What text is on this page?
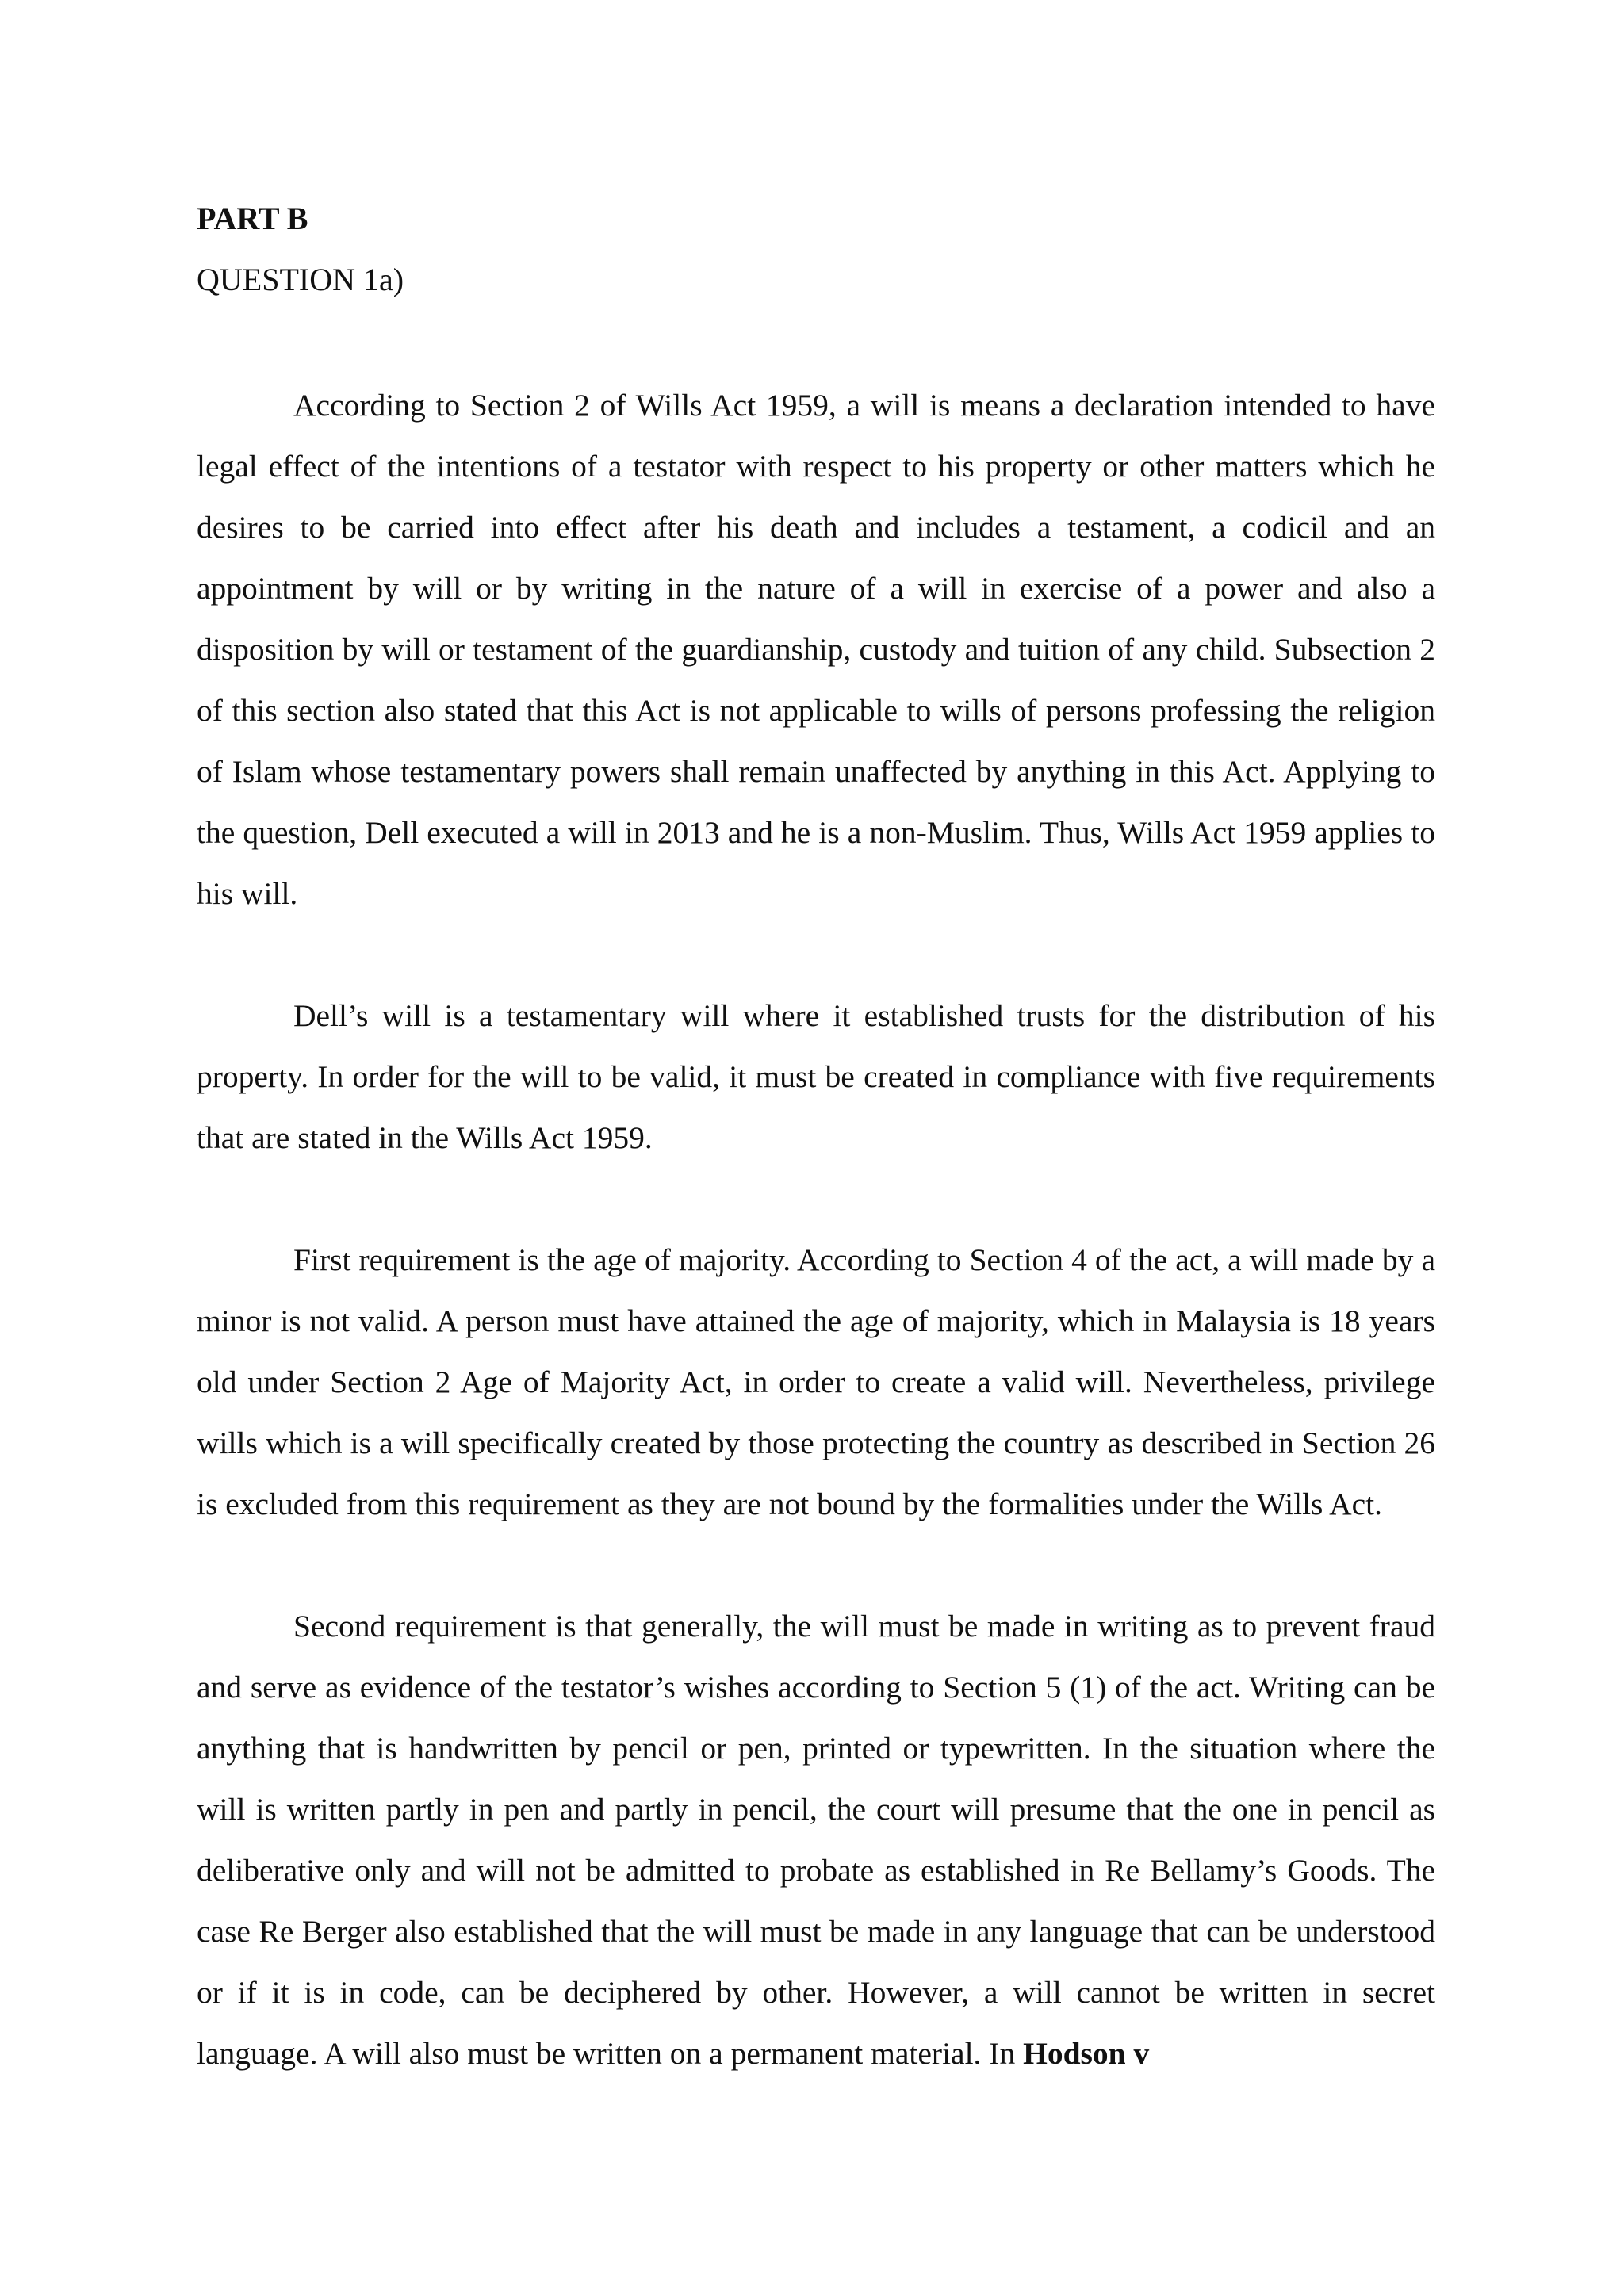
PART B
QUESTION 1a)

According to Section 2 of Wills Act 1959, a will is means a declaration intended to have legal effect of the intentions of a testator with respect to his property or other matters which he desires to be carried into effect after his death and includes a testament, a codicil and an appointment by will or by writing in the nature of a will in exercise of a power and also a disposition by will or testament of the guardianship, custody and tuition of any child. Subsection 2 of this section also stated that this Act is not applicable to wills of persons professing the religion of Islam whose testamentary powers shall remain unaffected by anything in this Act. Applying to the question, Dell executed a will in 2013 and he is a non-Muslim. Thus, Wills Act 1959 applies to his will.

Dell’s will is a testamentary will where it established trusts for the distribution of his property. In order for the will to be valid, it must be created in compliance with five requirements that are stated in the Wills Act 1959.

First requirement is the age of majority. According to Section 4 of the act, a will made by a minor is not valid. A person must have attained the age of majority, which in Malaysia is 18 years old under Section 2 Age of Majority Act, in order to create a valid will. Nevertheless, privilege wills which is a will specifically created by those protecting the country as described in Section 26 is excluded from this requirement as they are not bound by the formalities under the Wills Act.

Second requirement is that generally, the will must be made in writing as to prevent fraud and serve as evidence of the testator’s wishes according to Section 5 (1) of the act. Writing can be anything that is handwritten by pencil or pen, printed or typewritten. In the situation where the will is written partly in pen and partly in pencil, the court will presume that the one in pencil as deliberative only and will not be admitted to probate as established in Re Bellamy’s Goods. The case Re Berger also established that the will must be made in any language that can be understood or if it is in code, can be deciphered by other. However, a will cannot be written in secret language. A will also must be written on a permanent material. In Hodson v
